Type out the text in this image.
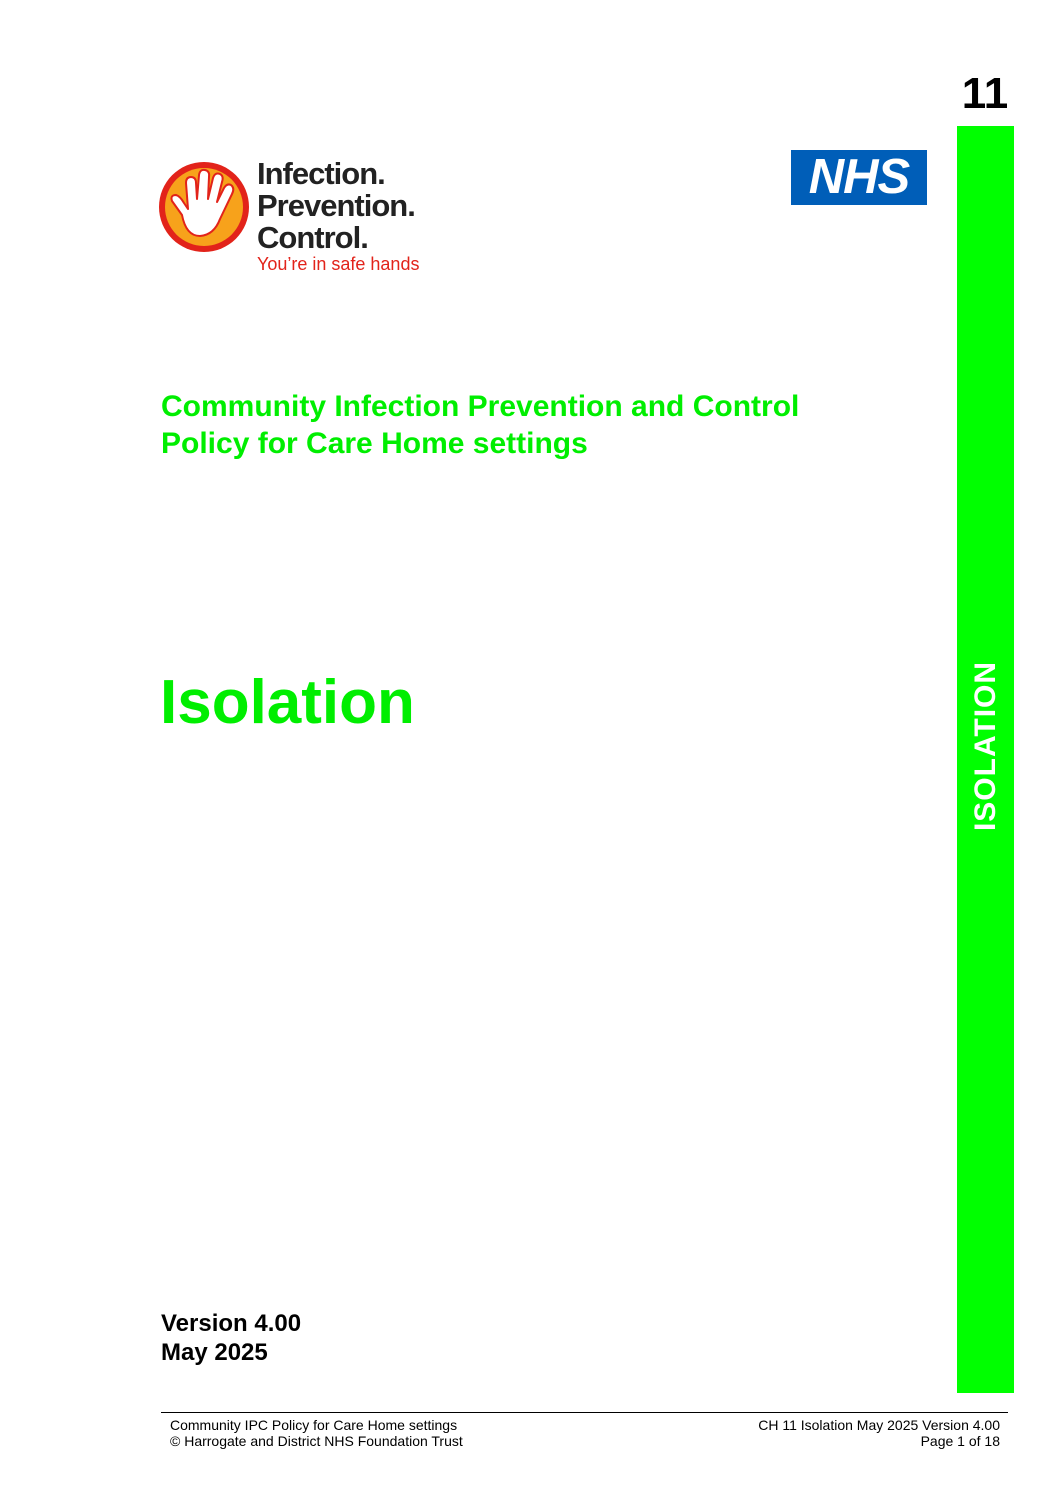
11
ISOLATION
Infection.
Prevention.
Control.
You’re in safe hands
NHS
Community Infection Prevention and Control
Policy for Care Home settings
Isolation
Version 4.00
May 2025
Community IPC Policy for Care Home settings
© Harrogate and District NHS Foundation Trust
CH 11 Isolation May 2025 Version 4.00
Page 1 of 18
